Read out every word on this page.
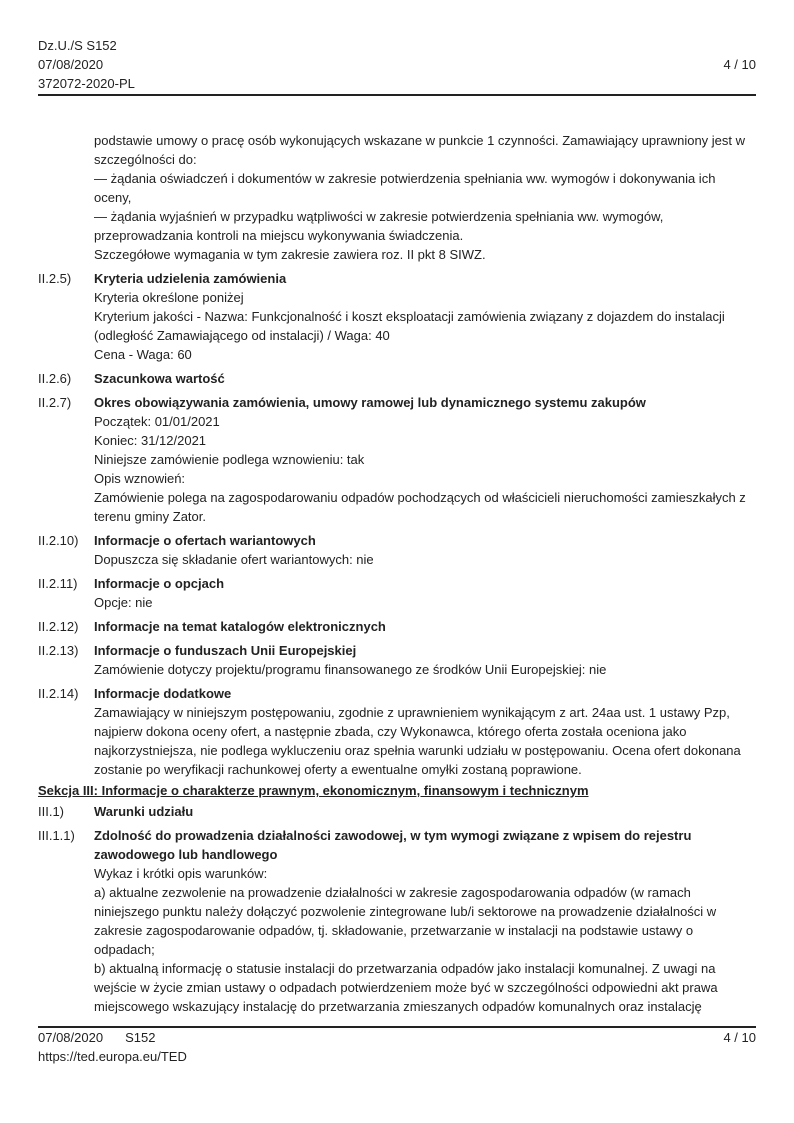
Dz.U./S S152
07/08/2020
372072-2020-PL
4 / 10
podstawie umowy o pracę osób wykonujących wskazane w punkcie 1 czynności. Zamawiający uprawniony jest w szczególności do:
— żądania oświadczeń i dokumentów w zakresie potwierdzenia spełniania ww. wymogów i dokonywania ich oceny,
— żądania wyjaśnień w przypadku wątpliwości w zakresie potwierdzenia spełniania ww. wymogów, przeprowadzania kontroli na miejscu wykonywania świadczenia.
Szczegółowe wymagania w tym zakresie zawiera roz. II pkt 8 SIWZ.
II.2.5)	Kryteria udzielenia zamówienia
Kryteria określone poniżej
Kryterium jakości - Nazwa: Funkcjonalność i koszt eksploatacji zamówienia związany z dojazdem do instalacji (odległość Zamawiającego od instalacji) / Waga: 40
Cena - Waga: 60
II.2.6)	Szacunkowa wartość
II.2.7)	Okres obowiązywania zamówienia, umowy ramowej lub dynamicznego systemu zakupów
Początek: 01/01/2021
Koniec: 31/12/2021
Niniejsze zamówienie podlega wznowieniu: tak
Opis wznowień:
Zamówienie polega na zagospodarowaniu odpadów pochodzących od właścicieli nieruchomości zamieszkałych z terenu gminy Zator.
II.2.10)	Informacje o ofertach wariantowych
Dopuszcza się składanie ofert wariantowych: nie
II.2.11)	Informacje o opcjach
Opcje: nie
II.2.12)	Informacje na temat katalogów elektronicznych
II.2.13)	Informacje o funduszach Unii Europejskiej
Zamówienie dotyczy projektu/programu finansowanego ze środków Unii Europejskiej: nie
II.2.14)	Informacje dodatkowe
Zamawiający w niniejszym postępowaniu, zgodnie z uprawnieniem wynikającym z art. 24aa ust. 1 ustawy Pzp, najpierw dokona oceny ofert, a następnie zbada, czy Wykonawca, którego oferta została oceniona jako najkorzystniejsza, nie podlega wykluczeniu oraz spełnia warunki udziału w postępowaniu. Ocena ofert dokonana zostanie po weryfikacji rachunkowej oferty a ewentualne omyłki zostaną poprawione.
Sekcja III: Informacje o charakterze prawnym, ekonomicznym, finansowym i technicznym
III.1)	Warunki udziału
III.1.1)	Zdolność do prowadzenia działalności zawodowej, w tym wymogi związane z wpisem do rejestru zawodowego lub handlowego
Wykaz i krótki opis warunków:
a) aktualne zezwolenie na prowadzenie działalności w zakresie zagospodarowania odpadów (w ramach niniejszego punktu należy dołączyć pozwolenie zintegrowane lub/i sektorowe na prowadzenie działalności w zakresie zagospodarowanie odpadów, tj. składowanie, przetwarzanie w instalacji na podstawie ustawy o odpadach;
b) aktualną informację o statusie instalacji do przetwarzania odpadów jako instalacji komunalnej. Z uwagi na wejście w życie zmian ustawy o odpadach potwierdzeniem może być w szczególności odpowiedni akt prawa miejscowego wskazujący instalację do przetwarzania zmieszanych odpadów komunalnych oraz instalację
07/08/2020 S152
https://ted.europa.eu/TED
4 / 10
